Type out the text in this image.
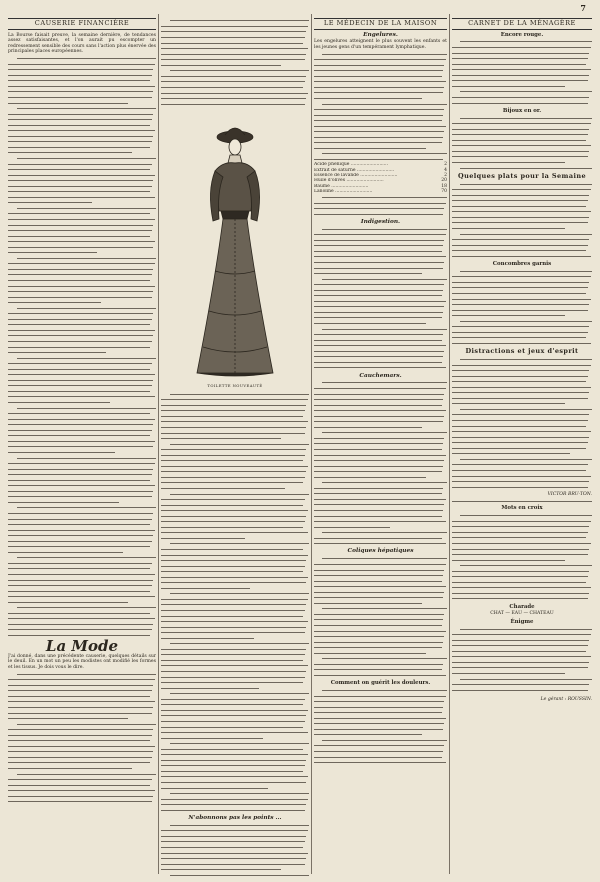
7
CAUSERIE FINANCIÈRE

La Bourse faisait preuve, la semaine dernière, de tendances assez satisfaisantes, et l'on aurait pu escompter un redressement sensible des cours sans l'action plus énervée des principales places européennes.

La Mode

J'ai donné, dans une précédente causerie, quelques détails sur le deuil. En un mot un peu les modistes ont modifié les formes et les tissus. Je dois vous le dire.

TOILETTE NOUVEAUTÉ
N'abonnons pas les points ...
LE MÉDECIN DE LA MAISON
Engelures.

Les engelures atteignent le plus souvent les enfants et les jeunes gens d'un tempérament lymphatique.

Acide phénique ..........................	2
Extrait de saturne ..........................	4
Essence de lavande ..........................	2
Huile d'olives ..........................	20
Baume ..........................	18
Lanoline ..........................	70
Indigestion.
Cauchemars.
Coliques hépatiques
Comment on guérit les douleurs.
CARNET DE LA MÉNAGÈRE
Encore rouge.
Bijoux en or.
Quelques plats pour la Semaine
Concombres garnis
Distractions et jeux d'esprit
VICTOR BRU-TON.
Mots en croix
Charade
CHAT — EAU — CHATEAU
Énigme
Le gérant : ROUSSIN.
